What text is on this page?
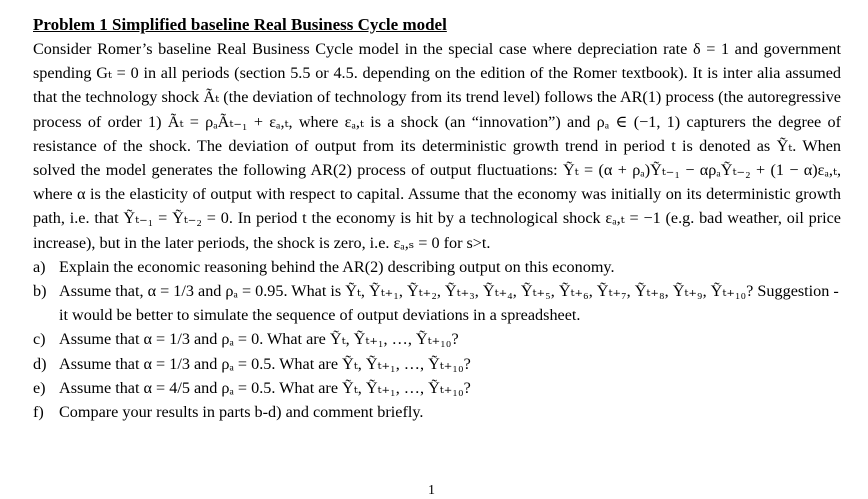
Problem 1 Simplified baseline Real Business Cycle model

Consider Romer’s baseline Real Business Cycle model in the special case where depreciation rate δ = 1 and government spending Gₜ = 0 in all periods (section 5.5 or 4.5. depending on the edition of the Romer textbook). It is inter alia assumed that the technology shock Ãₜ (the deviation of technology from its trend level) follows the AR(1) process (the autoregressive process of order 1) Ãₜ = ρₐÃₜ₋₁ + εₐ,ₜ, where εₐ,ₜ is a shock (an “innovation”) and ρₐ ∈ (−1, 1) capturers the degree of resistance of the shock. The deviation of output from its deterministic growth trend in period t is denoted as Ỹₜ. When solved the model generates the following AR(2) process of output fluctuations: Ỹₜ = (α + ρₐ)Ỹₜ₋₁ − αρₐỸₜ₋₂ + (1 − α)εₐ,ₜ, where α is the elasticity of output with respect to capital. Assume that the economy was initially on its deterministic growth path, i.e. that Ỹₜ₋₁ = Ỹₜ₋₂ = 0. In period t the economy is hit by a technological shock εₐ,ₜ = −1 (e.g. bad weather, oil price increase), but in the later periods, the shock is zero, i.e. εₐ,ₛ = 0 for s>t.

a) Explain the economic reasoning behind the AR(2) describing output on this economy.
b) Assume that, α = 1/3 and ρₐ = 0.95. What is Ỹₜ, Ỹₜ₊₁, Ỹₜ₊₂, Ỹₜ₊₃, Ỹₜ₊₄, Ỹₜ₊₅, Ỹₜ₊₆, Ỹₜ₊₇, Ỹₜ₊₈, Ỹₜ₊₉, Ỹₜ₊₁₀? Suggestion - it would be better to simulate the sequence of output deviations in a spreadsheet.
c) Assume that α = 1/3 and ρₐ = 0. What are Ỹₜ, Ỹₜ₊₁, …, Ỹₜ₊₁₀?
d) Assume that α = 1/3 and ρₐ = 0.5. What are Ỹₜ, Ỹₜ₊₁, …, Ỹₜ₊₁₀?
e) Assume that α = 4/5 and ρₐ = 0.5. What are Ỹₜ, Ỹₜ₊₁, …, Ỹₜ₊₁₀?
f) Compare your results in parts b-d) and comment briefly.
1
